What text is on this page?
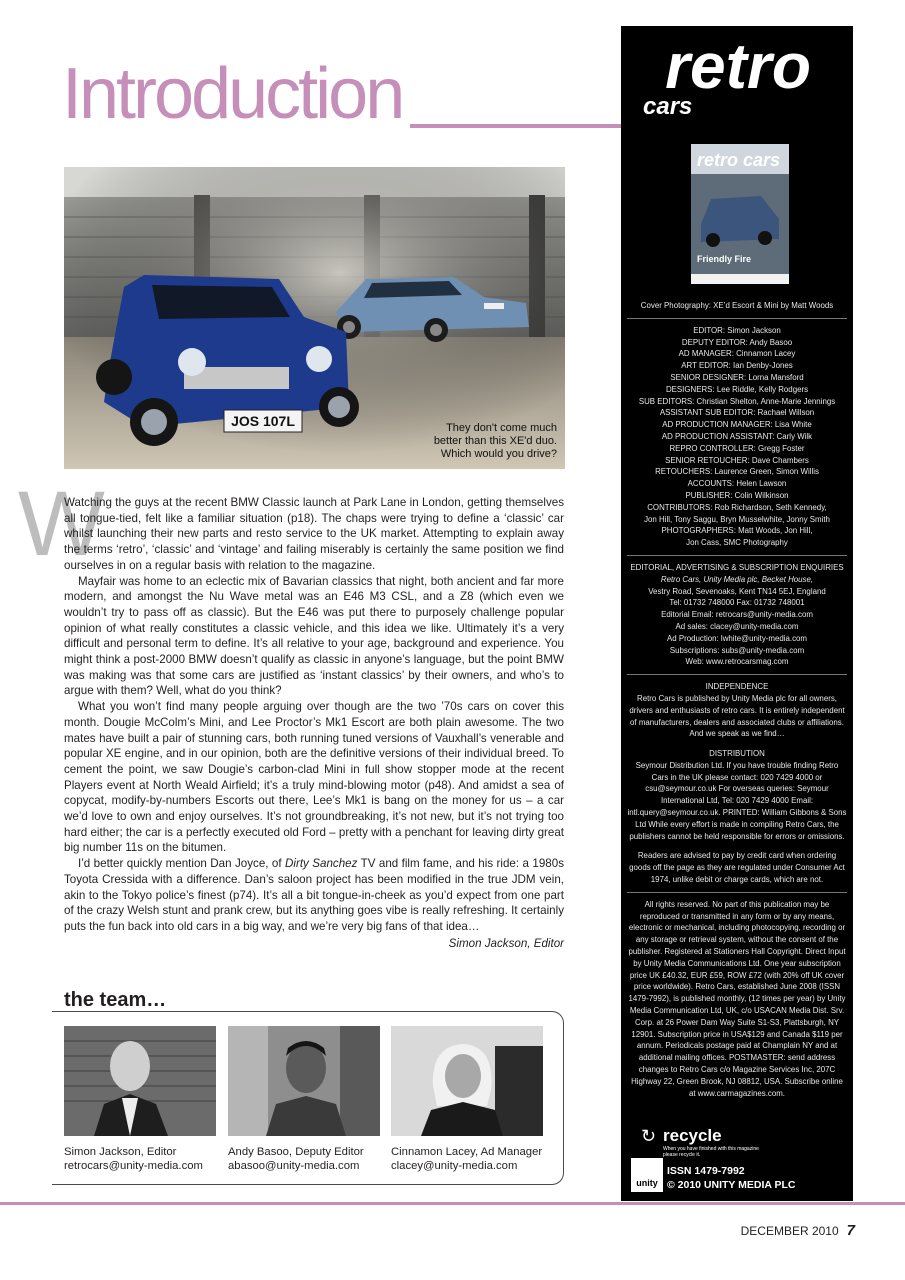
Introduction
JOS 107L	They don't come much better than this XE'd duo. Which would you drive?
W

Watching the guys at the recent BMW Classic launch at Park Lane in London, getting themselves all tongue-tied, felt like a familiar situation (p18). The chaps were trying to define a ‘classic’ car whilst launching their new parts and resto service to the UK market. Attempting to explain away the terms ‘retro’, ‘classic’ and ‘vintage’ and failing miserably is certainly the same position we find ourselves in on a regular basis with relation to the magazine.

Mayfair was home to an eclectic mix of Bavarian classics that night, both ancient and far more modern, and amongst the Nu Wave metal was an E46 M3 CSL, and a Z8 (which even we wouldn’t try to pass off as classic). But the E46 was put there to purposely challenge popular opinion of what really constitutes a classic vehicle, and this idea we like. Ultimately it’s a very difficult and personal term to define. It’s all relative to your age, background and experience. You might think a post-2000 BMW doesn’t qualify as classic in anyone’s language, but the point BMW was making was that some cars are justified as ‘instant classics’ by their owners, and who’s to argue with them? Well, what do you think?

What you won’t find many people arguing over though are the two ’70s cars on cover this month. Dougie McColm’s Mini, and Lee Proctor’s Mk1 Escort are both plain awesome. The two mates have built a pair of stunning cars, both running tuned versions of Vauxhall’s venerable and popular XE engine, and in our opinion, both are the definitive versions of their individual breed. To cement the point, we saw Dougie’s carbon-clad Mini in full show stopper mode at the recent Players event at North Weald Airfield; it’s a truly mind-blowing motor (p48). And amidst a sea of copycat, modify-by-numbers Escorts out there, Lee’s Mk1 is bang on the money for us – a car we’d love to own and enjoy ourselves. It’s not groundbreaking, it’s not new, but it’s not trying too hard either; the car is a perfectly executed old Ford – pretty with a penchant for leaving dirty great big number 11s on the bitumen.

I’d better quickly mention Dan Joyce, of Dirty Sanchez TV and film fame, and his ride: a 1980s Toyota Cressida with a difference. Dan’s saloon project has been modified in the true JDM vein, akin to the Tokyo police’s finest (p74). It’s all a bit tongue-in-cheek as you’d expect from one part of the crazy Welsh stunt and prank crew, but its anything goes vibe is really refreshing. It certainly puts the fun back into old cars in a big way, and we’re very big fans of that idea…

Simon Jackson, Editor
the team…
Simon Jackson, Editor
retrocars@unity-media.com
Andy Basoo, Deputy Editor
abasoo@unity-media.com
Cinnamon Lacey, Ad Manager
clacey@unity-media.com
retro
cars
retro cars
Friendly Fire
Cover Photography: XE’d Escort & Mini by Matt Woods
EDITOR: Simon Jackson
DEPUTY EDITOR: Andy Basoo
AD MANAGER: Cinnamon Lacey
ART EDITOR: Ian Denby-Jones
SENIOR DESIGNER: Lorna Mansford
DESIGNERS: Lee Riddle, Kelly Rodgers
SUB EDITORS: Christian Shelton, Anne-Marie Jennings
ASSISTANT SUB EDITOR: Rachael Willson
AD PRODUCTION MANAGER: Lisa White
AD PRODUCTION ASSISTANT: Carly Wilk
REPRO CONTROLLER: Gregg Foster
SENIOR RETOUCHER: Dave Chambers
RETOUCHERS: Laurence Green, Simon Willis
ACCOUNTS: Helen Lawson
PUBLISHER: Colin Wilkinson
CONTRIBUTORS: Rob Richardson, Seth Kennedy,
Jon Hill, Tony Saggu, Bryn Musselwhite, Jonny Smith
PHOTOGRAPHERS: Matt Woods, Jon Hill,
Jon Cass, SMC Photography
EDITORIAL, ADVERTISING & SUBSCRIPTION ENQUIRIES
Retro Cars, Unity Media plc, Becket House,
Vestry Road, Sevenoaks, Kent TN14 5EJ, England
Tel: 01732 748000 Fax: 01732 748001
Editorial Email: retrocars@unity-media.com
Ad sales: clacey@unity-media.com
Ad Production: lwhite@unity-media.com
Subscriptions: subs@unity-media.com
Web: www.retrocarsmag.com
INDEPENDENCE
Retro Cars is published by Unity Media plc for all owners, drivers and enthusiasts of retro cars. It is entirely independent of manufacturers, dealers and associated clubs or affiliations. And we speak as we find…
DISTRIBUTION
Seymour Distribution Ltd. If you have trouble finding Retro Cars in the UK please contact: 020 7429 4000 or csu@seymour.co.uk For overseas queries: Seymour International Ltd, Tel: 020 7429 4000 Email: intl.query@seymour.co.uk. PRINTED: William Gibbons & Sons Ltd While every effort is made in compiling Retro Cars, the publishers cannot be held responsible for errors or omissions.
Readers are advised to pay by credit card when ordering goods off the page as they are regulated under Consumer Act 1974, unlike debit or charge cards, which are not.
All rights reserved. No part of this publication may be reproduced or transmitted in any form or by any means, electronic or mechanical, including photocopying, recording or any storage or retrieval system, without the consent of the publisher. Registered at Stationers Hall Copyright. Direct Input by Unity Media Communications Ltd. One year subscription price UK £40.32, EUR £59, ROW £72 (with 20% off UK cover price worldwide). Retro Cars, established June 2008 (ISSN 1479-7992), is published monthly, (12 times per year) by Unity Media Communication Ltd, UK, c/o USACAN Media Dist. Srv. Corp. at 26 Power Dam Way Suite S1-S3, Plattsburgh, NY 12901. Subscription price in USA$129 and Canada $119 per annum. Periodicals postage paid at Champlain NY and at additional mailing offices. POSTMASTER: send address changes to Retro Cars c/o Magazine Services Inc, 207C Highway 22, Green Brook, NJ 08812, USA. Subscribe online at www.carmagazines.com.
↻ recycle
When you have finished with this magazine please recycle it.
unity
ISSN 1479-7992
© 2010 UNITY MEDIA PLC
DECEMBER 2010 7
